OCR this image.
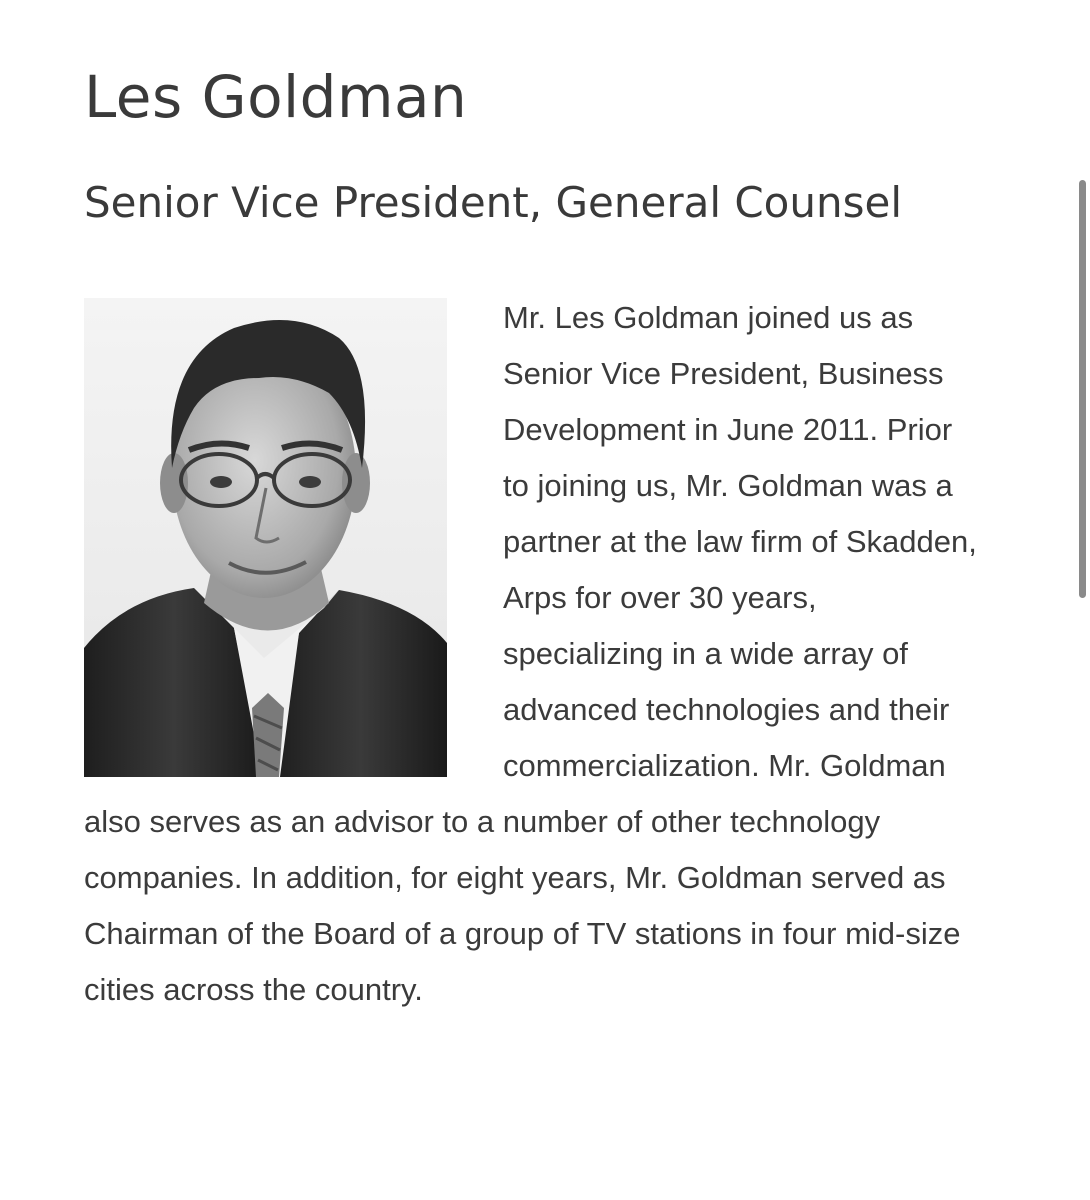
Les Goldman
Senior Vice President, General Counsel
Mr. Les Goldman joined us as Senior Vice President, Business Development in June 2011. Prior to joining us, Mr. Goldman was a partner at the law firm of Skadden, Arps for over 30 years, specializing in a wide array of advanced technologies and their commercialization. Mr. Goldman also serves as an advisor to a number of other technology companies. In addition, for eight years, Mr. Goldman served as Chairman of the Board of a group of TV stations in four mid-size cities across the country.
